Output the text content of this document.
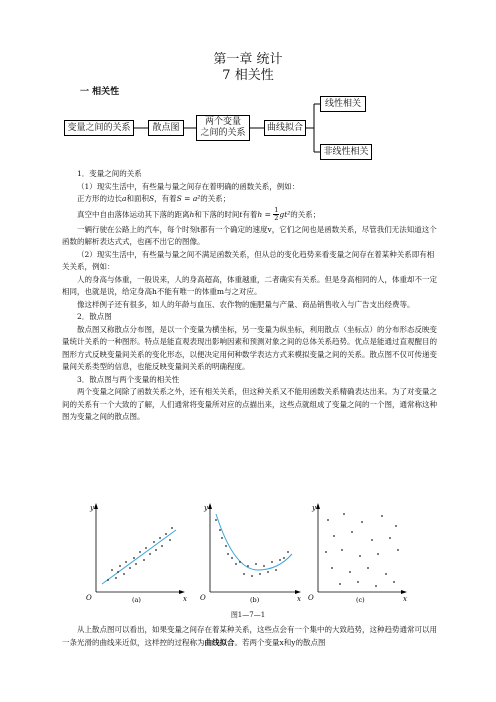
第一章 统计
7 相关性
一 相关性
变量之间的关系	散点图
两个变量
之间的关系
曲线拟合
线性相关
非线性相关
1．变量之间的关系
（1）现实生活中，有些量与量之间存在着明确的函数关系，例如：
正方形的边长a和面积S，有着S = a²的关系；
真空中自由落体运动其下落的距离h和下落的时间t有着$h = \frac{1}{2} gt^2$的关系；
一辆行驶在公路上的汽车，每个时刻t都有一个确定的速度v，它们之间也是函数关系，尽管我们无法知道这个函数的解析表达式式，也画不出它的图像。
（2）现实生活中，有些量与量之间不满足函数关系，但从总的变化趋势来看变量之间存在着某种关系即有相关关系，例如：
人的身高与体重，一般说来，人的身高超高，体重越重，二者确实有关系。但是身高相同的人，体重却不一定相同，也就是说，给定身高h不能有唯一的体重m与之对应。
像这样例子还有很多，如人的年龄与血压、农作物的施肥量与产量、商品销售收入与广告支出经费等。
2．散点图
散点图又称散点分布图，是以一个变量为横坐标，另一变量为纵坐标，利用散点（坐标点）的分布形态反映变量统计关系的一种图形。特点是能直观表现出影响因素和预测对象之间的总体关系趋势。优点是能通过直观醒目的图形方式反映变量间关系的变化形态，以便决定用何种数学表达方式来模拟变量之间的关系。散点图不仅可传递变量间关系类型的信息，也能反映变量间关系的明确程度。
3．散点图与两个变量的相关性
两个变量之间除了函数关系之外，还有相关关系，但这种关系又不能用函数关系精确表达出来。为了对变量之间的关系有一个大致的了解，人们通常将变量所对应的点描出来，这些点就组成了变量之间的一个图，通常称这种图为变量之间的散点图。
y
x
O	(a)
y
x
O	(b)
y
x
O	(c)
图1—7—1
从上散点图可以看出，如果变量之间存在着某种关系，这些点会有一个集中的大致趋势，这种趋势通常可以用一条光滑的曲线来近似，这样控的过程称为曲线拟合。若两个变量x和y的散点图
